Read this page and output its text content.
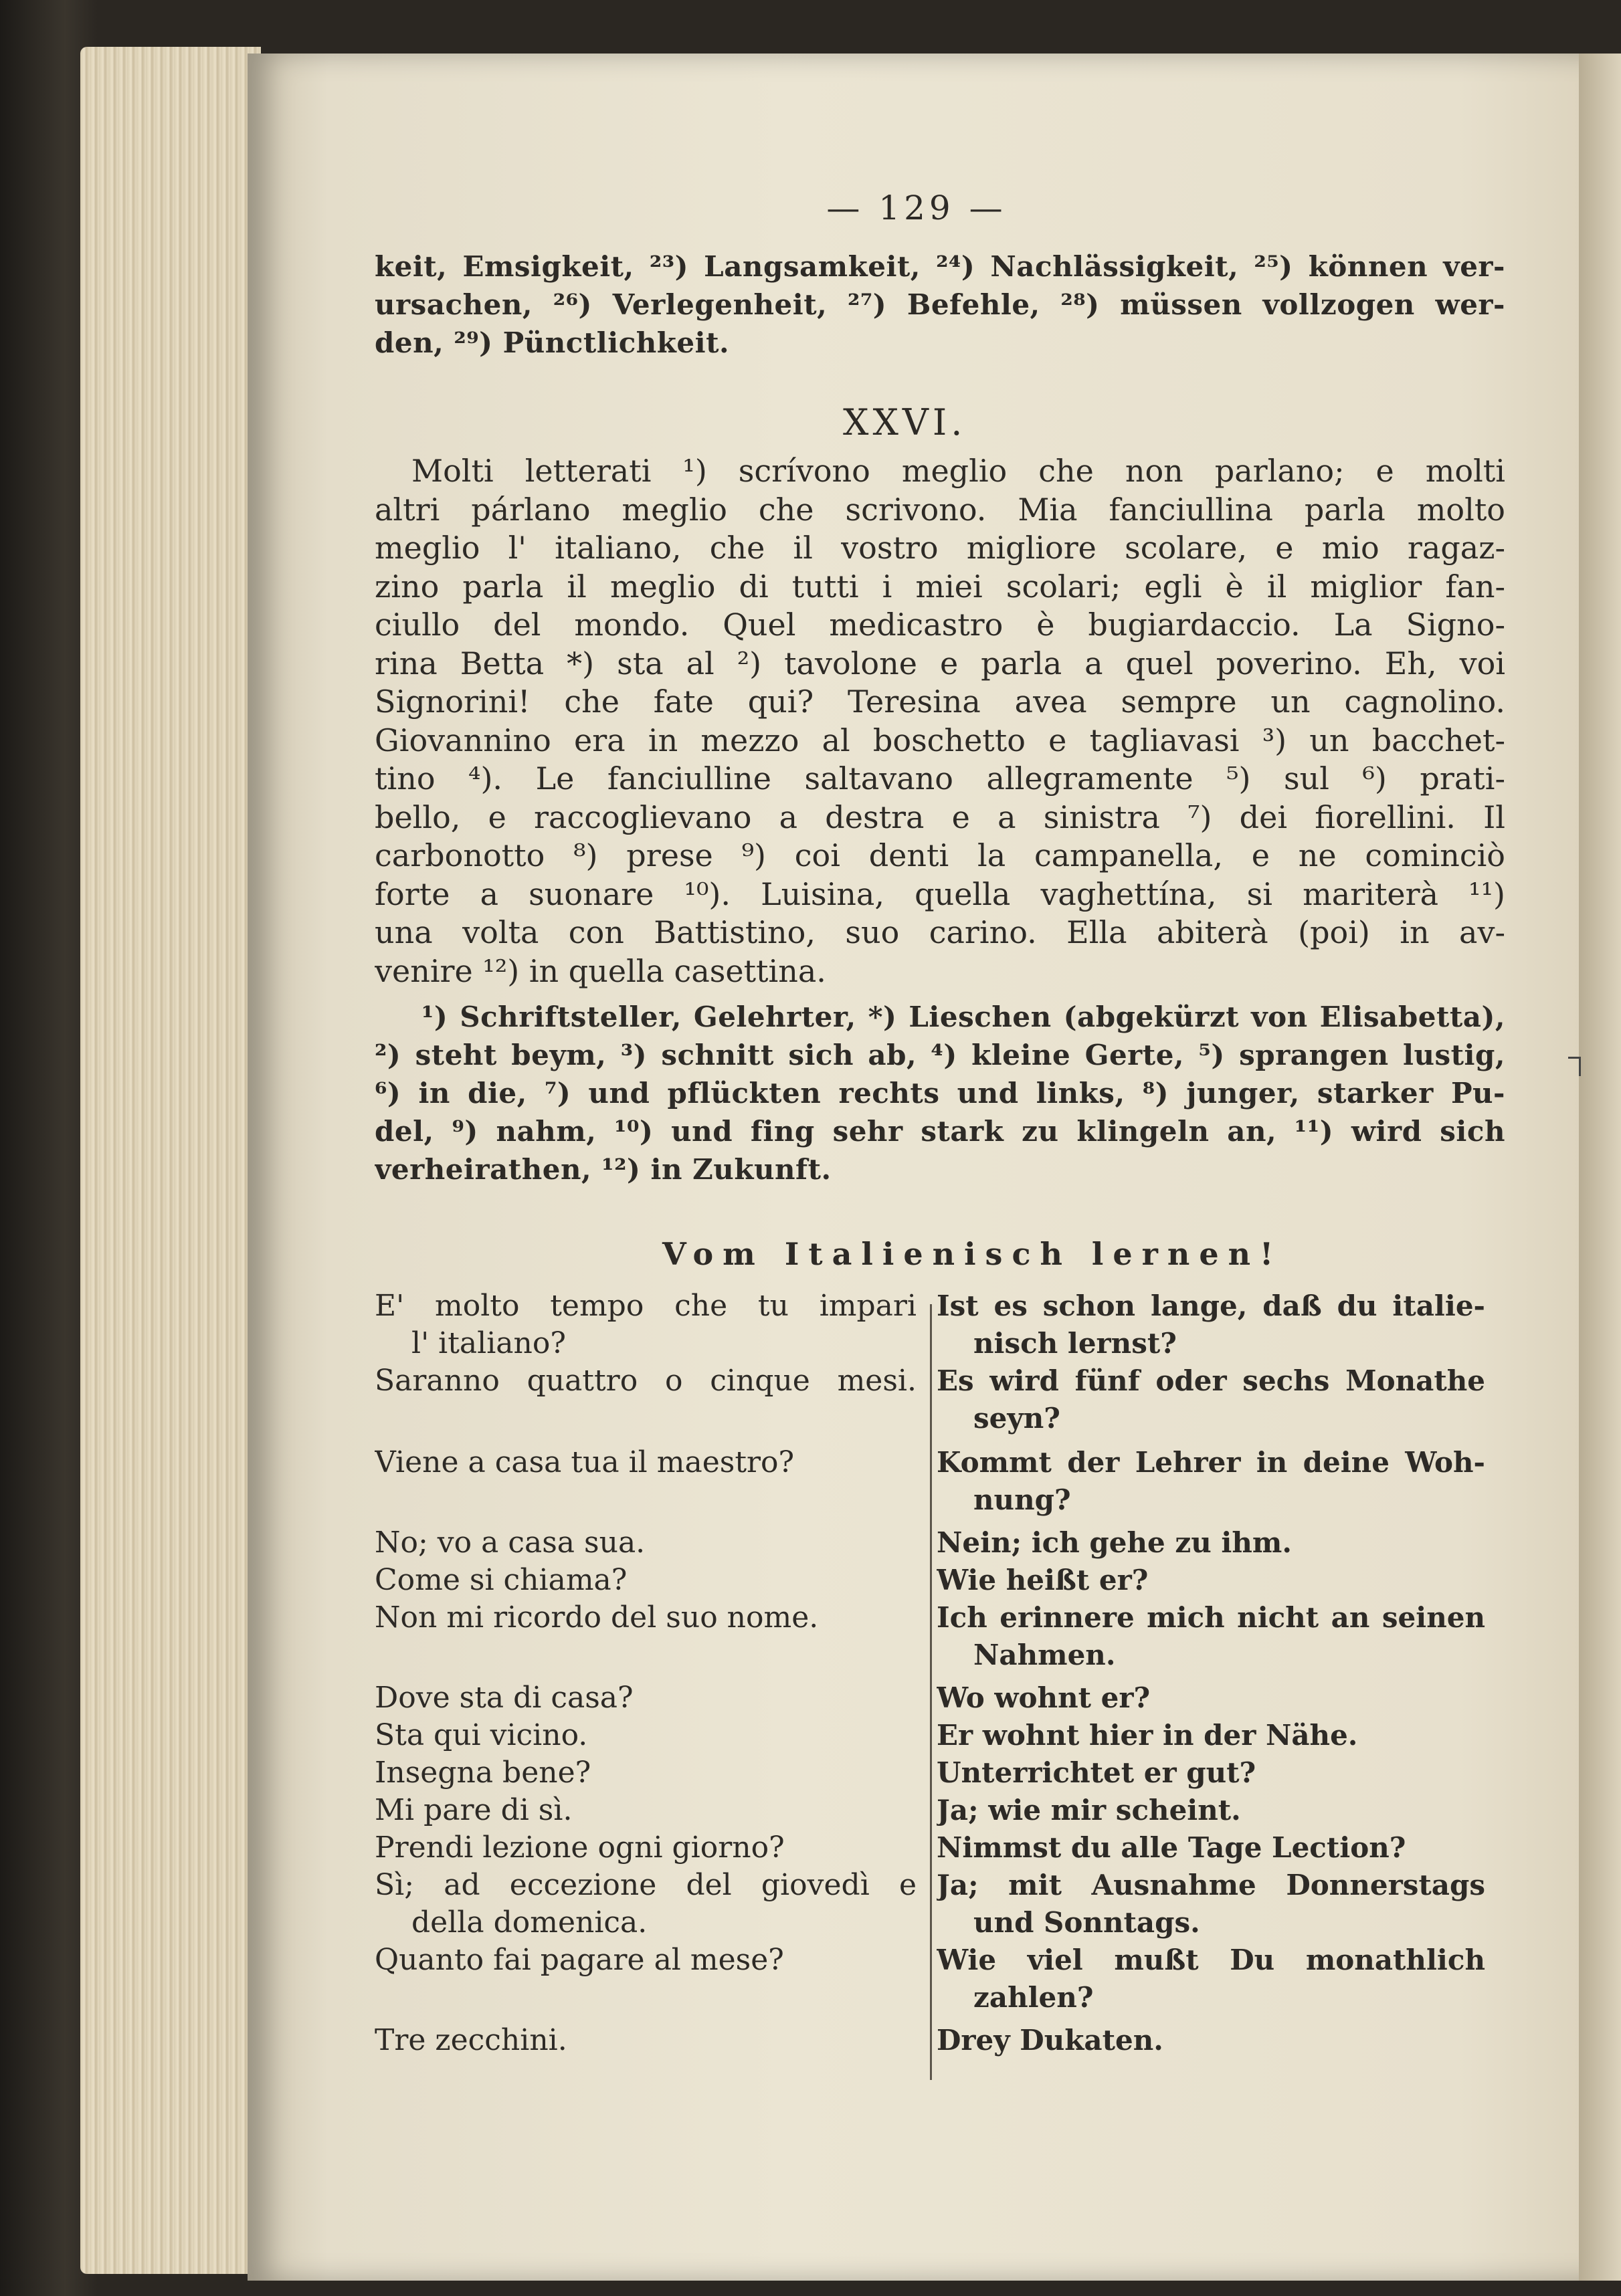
— 129 —
keit, Emsigkeit, ²³) Langsamkeit, ²⁴) Nachlässigkeit, ²⁵) können ver-
ursachen, ²⁶) Verlegenheit, ²⁷) Befehle, ²⁸) müssen vollzogen wer-
den, ²⁹) Pünctlichkeit.
XXVI.
Molti letterati ¹) scrívono meglio che non parlano; e molti
altri párlano meglio che scrivono. Mia fanciullina parla molto
meglio l' italiano, che il vostro migliore scolare, e mio ragaz-
zino parla il meglio di tutti i miei scolari; egli è il miglior fan-
ciullo del mondo. Quel medicastro è bugiardaccio. La Signo-
rina Betta *) sta al ²) tavolone e parla a quel poverino. Eh, voi
Signorini! che fate qui? Teresina avea sempre un cagnolino.
Giovannino era in mezzo al boschetto e tagliavasi ³) un bacchet-
tino ⁴). Le fanciulline saltavano allegramente ⁵) sul ⁶) prati-
bello, e raccoglievano a destra e a sinistra ⁷) dei fiorellini. Il
carbonotto ⁸) prese ⁹) coi denti la campanella, e ne cominciò
forte a suonare ¹⁰). Luisina, quella vaghettína, si mariterà ¹¹)
una volta con Battistino, suo carino. Ella abiterà (poi) in av-
venire ¹²) in quella casettina.
¹) Schriftsteller, Gelehrter, *) Lieschen (abgekürzt von Elisabetta),
²) steht beym, ³) schnitt sich ab, ⁴) kleine Gerte, ⁵) sprangen lustig,
⁶) in die, ⁷) und pflückten rechts und links, ⁸) junger, starker Pu-
del, ⁹) nahm, ¹⁰) und fing sehr stark zu klingeln an, ¹¹) wird sich
verheirathen, ¹²) in Zukunft.
Vom Italienisch lernen!
E' molto tempo che tu impari
l' italiano?
Saranno quattro o cinque mesi.
Viene a casa tua il maestro?
No; vo a casa sua.
Come si chiama?
Non mi ricordo del suo nome.
Dove sta di casa?
Sta qui vicino.
Insegna bene?
Mi pare di sì.
Prendi lezione ogni giorno?
Sì; ad eccezione del giovedì e
della domenica.
Quanto fai pagare al mese?
Tre zecchini.
Ist es schon lange, daß du italie-
nisch lernst?
Es wird fünf oder sechs Monathe
seyn?
Kommt der Lehrer in deine Woh-
nung?
Nein; ich gehe zu ihm.
Wie heißt er?
Ich erinnere mich nicht an seinen
Nahmen.
Wo wohnt er?
Er wohnt hier in der Nähe.
Unterrichtet er gut?
Ja; wie mir scheint.
Nimmst du alle Tage Lection?
Ja; mit Ausnahme Donnerstags
und Sonntags.
Wie viel mußt Du monathlich
zahlen?
Drey Dukaten.
